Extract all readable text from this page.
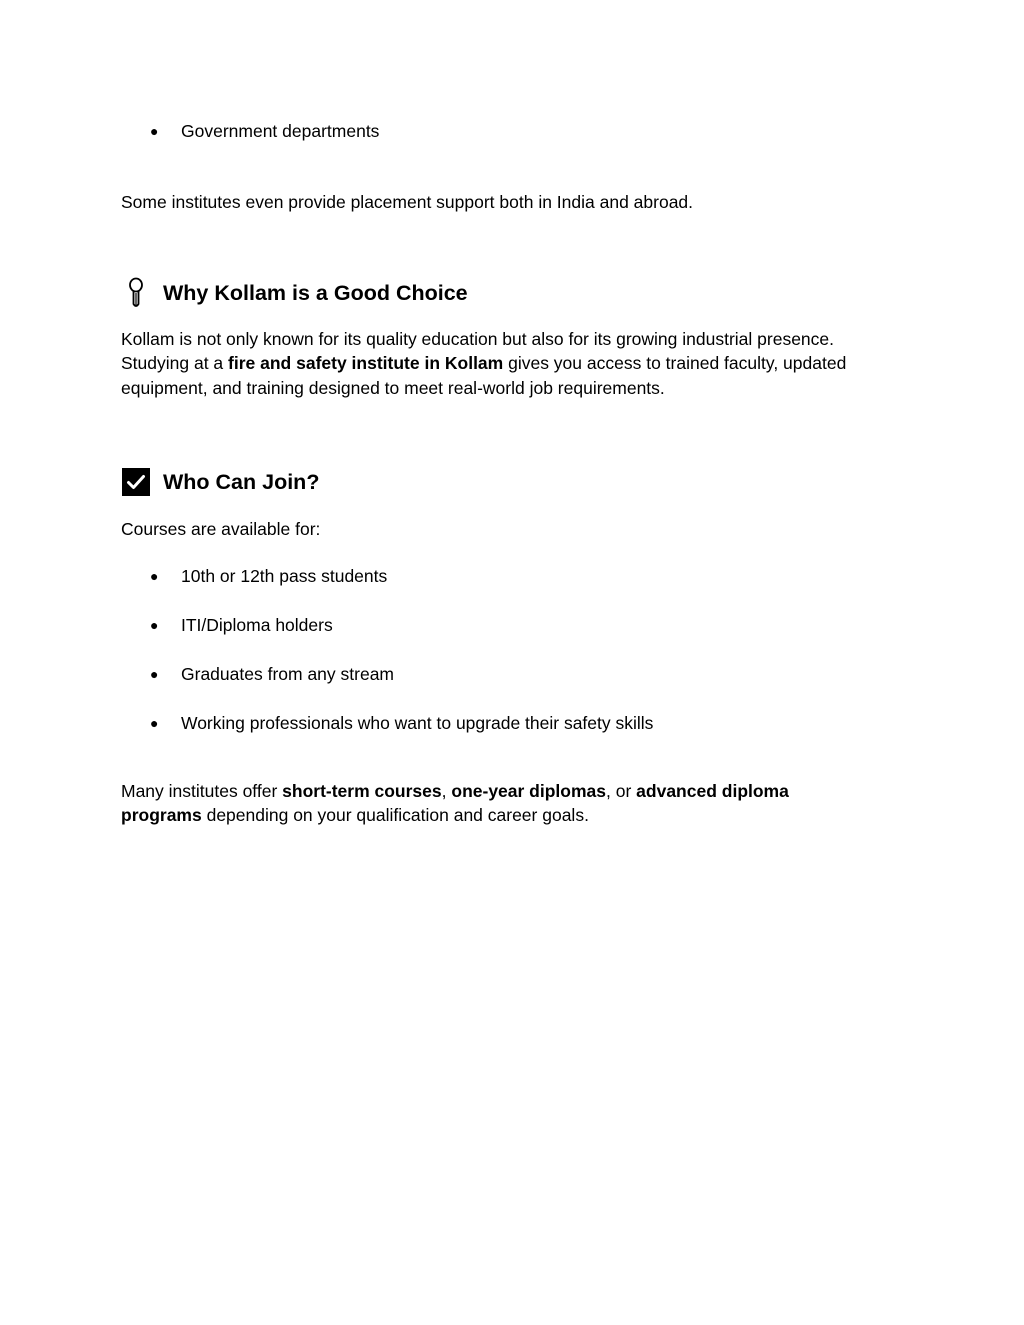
● Government departments
Some institutes even provide placement support both in India and abroad.
Why Kollam is a Good Choice
Kollam is not only known for its quality education but also for its growing industrial presence. Studying at a fire and safety institute in Kollam gives you access to trained faculty, updated equipment, and training designed to meet real-world job requirements.
Who Can Join?
Courses are available for:
● 10th or 12th pass students
● ITI/Diploma holders
● Graduates from any stream
● Working professionals who want to upgrade their safety skills
Many institutes offer short-term courses, one-year diplomas, or advanced diploma programs depending on your qualification and career goals.
